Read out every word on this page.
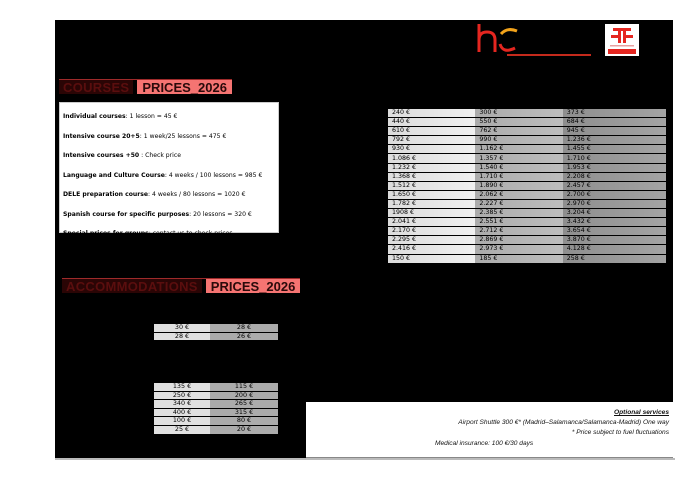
COURSES	PRICES_2026
Individual courses: 1 lesson = 45 €
Intensive course 20+5: 1 week/25 lessons = 475 €
Intensive courses +50 : Check price
Language and Culture Course: 4 weeks / 100 lessons = 985 €
DELE preparation course: 4 weeks / 80 lessons = 1020 €
Spanish course for specific purposes: 20 lessons = 320 €
Special prices for groups: contact us to check prices.
240 €	300 €	373 €
440 €	550 €	684 €
610 €	762 €	945 €
792 €	990 €	1.236 €
930 €	1.162 €	1.455 €
1.086 €	1.357 €	1.710 €
1.232 €	1.540 €	1.953 €
1.368 €	1.710 €	2.208 €
1.512 €	1.890 €	2.457 €
1.650 €	2.062 €	2.700 €
1.782 €	2.227 €	2.970 €
1908 €	2.385 €	3.204 €
2.041 €	2.551 €	3.432 €
2.170 €	2.712 €	3.654 €
2.295 €	2.869 €	3.870 €
2.416 €	2.973 €	4.128 €
150 €	185 €	258 €
ACCOMMODATIONS	PRICES_2026
30 €	28 €
28 €	26 €
135 €	115 €
250 €	200 €
340 €	265 €
400 €	315 €
100 €	80 €
25 €	20 €
Optional services
Airport Shuttle 300 €* (Madrid–Salamanca/Salamanca-Madrid) One way
* Price subject to fuel fluctuations
Medical insurance: 100 €/30 days
